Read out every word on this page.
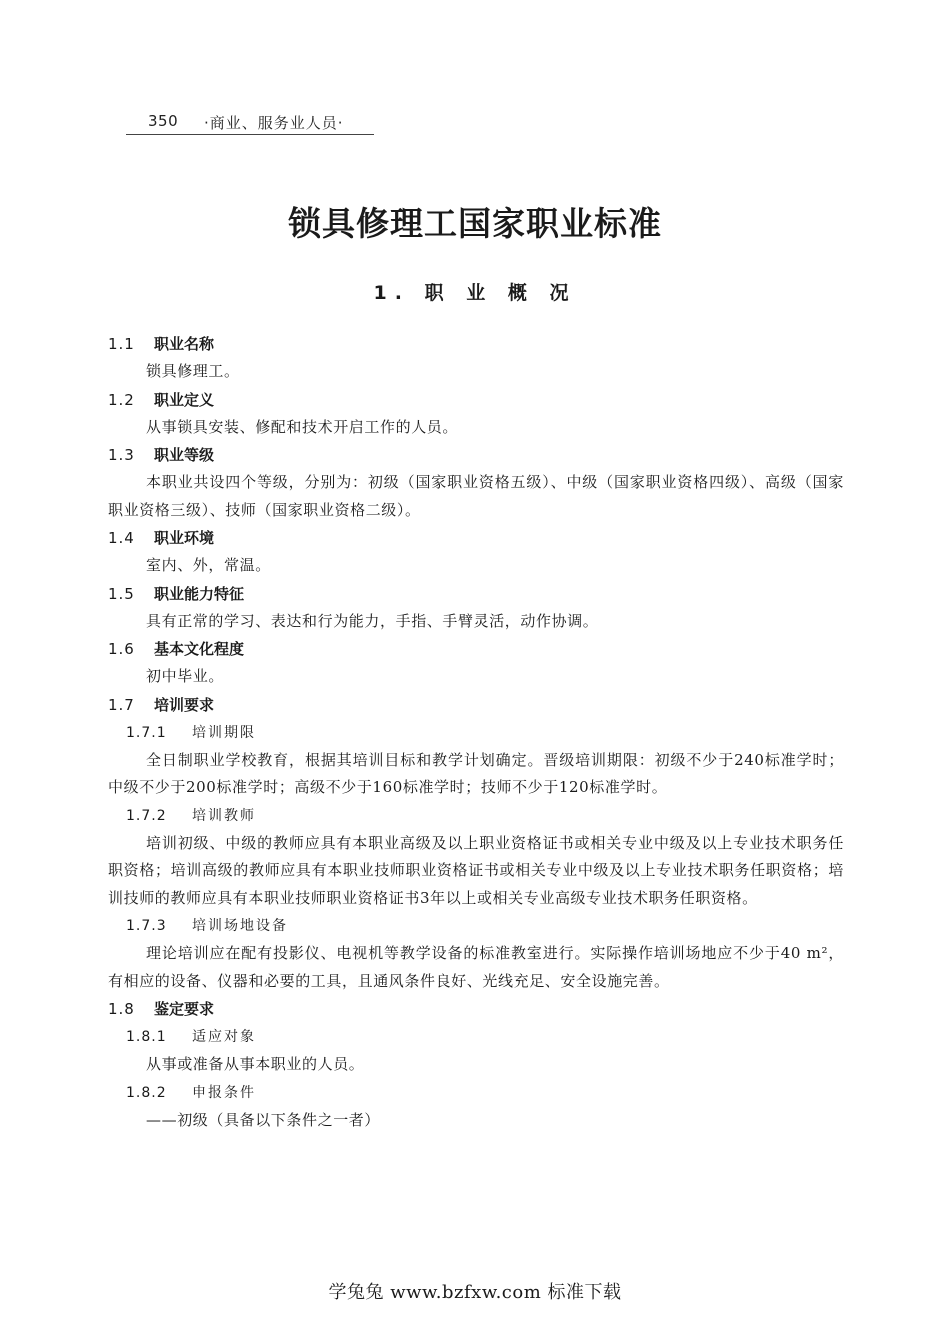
350 ·商业、服务业人员·
锁具修理工国家职业标准
1. 职 业 概 况
1.1 职业名称
锁具修理工。
1.2 职业定义
从事锁具安装、修配和技术开启工作的人员。
1.3 职业等级
本职业共设四个等级，分别为：初级（国家职业资格五级）、中级（国家职业资格四级）、高级（国家职业资格三级）、技师（国家职业资格二级）。
1.4 职业环境
室内、外，常温。
1.5 职业能力特征
具有正常的学习、表达和行为能力，手指、手臂灵活，动作协调。
1.6 基本文化程度
初中毕业。
1.7 培训要求
1.7.1 培训期限
全日制职业学校教育，根据其培训目标和教学计划确定。晋级培训期限：初级不少于240标准学时；中级不少于200标准学时；高级不少于160标准学时；技师不少于120标准学时。
1.7.2 培训教师
培训初级、中级的教师应具有本职业高级及以上职业资格证书或相关专业中级及以上专业技术职务任职资格；培训高级的教师应具有本职业技师职业资格证书或相关专业中级及以上专业技术职务任职资格；培训技师的教师应具有本职业技师职业资格证书3年以上或相关专业高级专业技术职务任职资格。
1.7.3 培训场地设备
理论培训应在配有投影仪、电视机等教学设备的标准教室进行。实际操作培训场地应不少于40 m²，有相应的设备、仪器和必要的工具，且通风条件良好、光线充足、安全设施完善。
1.8 鉴定要求
1.8.1 适应对象
从事或准备从事本职业的人员。
1.8.2 申报条件
——初级（具备以下条件之一者）
学兔兔 www.bzfxw.com 标准下载
